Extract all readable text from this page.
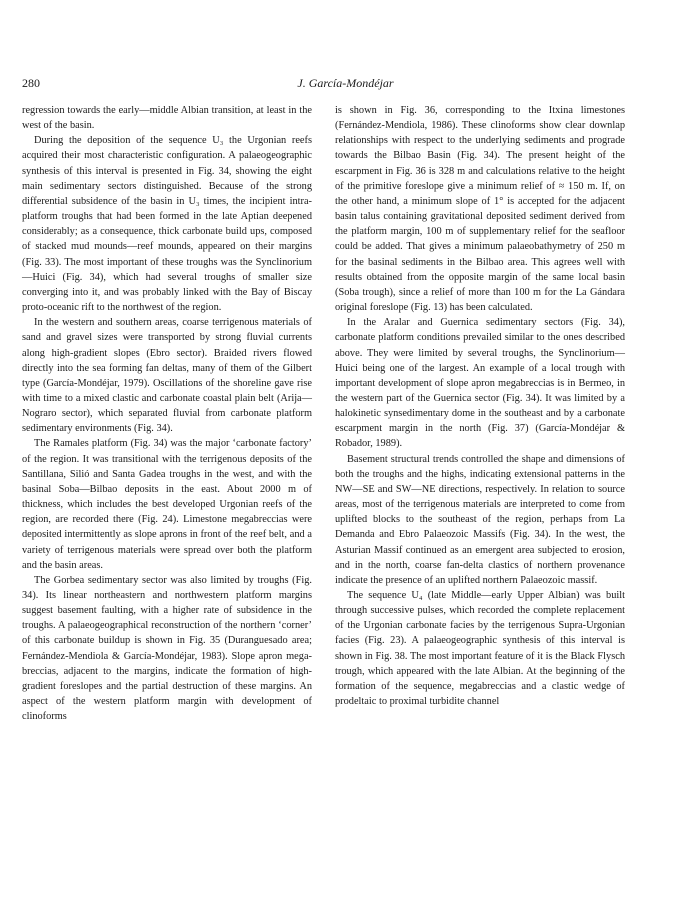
280	J. García-Mondéjar

regression towards the early—middle Albian transition, at least in the west of the basin.

During the deposition of the sequence U₃ the Urgonian reefs acquired their most characteristic configuration. A palaeogeographic synthesis of this interval is presented in Fig. 34, showing the eight main sedimentary sectors distinguished. Because of the strong differential subsidence of the basin in U₃ times, the incipient intra-platform troughs that had been formed in the late Aptian deepened considerably; as a consequence, thick carbonate build ups, composed of stacked mud mounds—reef mounds, appeared on their margins (Fig. 33). The most important of these troughs was the Synclinorium—Huici (Fig. 34), which had several troughs of smaller size converging into it, and was probably linked with the Bay of Biscay proto-oceanic rift to the northwest of the region.

In the western and southern areas, coarse terrigenous materials of sand and gravel sizes were transported by strong fluvial currents along high-gradient slopes (Ebro sector). Braided rivers flowed directly into the sea forming fan deltas, many of them of the Gilbert type (García-Mondéjar, 1979). Oscillations of the shoreline gave rise with time to a mixed clastic and carbonate coastal plain belt (Arija—Nograro sector), which separated fluvial from carbonate platform sedimentary environments (Fig. 34).

The Ramales platform (Fig. 34) was the major ‘carbonate factory’ of the region. It was transitional with the terrigenous deposits of the Santillana, Silió and Santa Gadea troughs in the west, and with the basinal Soba—Bilbao deposits in the east. About 2000 m of thickness, which includes the best developed Urgonian reefs of the region, are recorded there (Fig. 24). Limestone megabreccias were deposited intermittently as slope aprons in front of the reef belt, and a variety of terrigenous materials were spread over both the platform and the basin areas.

The Gorbea sedimentary sector was also limited by troughs (Fig. 34). Its linear northeastern and northwestern platform margins suggest basement faulting, with a higher rate of subsidence in the troughs. A palaeogeographical reconstruction of the northern ‘corner’ of this carbonate buildup is shown in Fig. 35 (Duranguesado area; Fernández-Mendiola & García-Mondéjar, 1983). Slope apron megabreccias, adjacent to the margins, indicate the formation of high-gradient foreslopes and the partial destruction of these margins. An aspect of the western platform margin with development of clinoforms

is shown in Fig. 36, corresponding to the Itxina limestones (Fernández-Mendiola, 1986). These clinoforms show clear downlap relationships with respect to the underlying sediments and prograde towards the Bilbao Basin (Fig. 34). The present height of the escarpment in Fig. 36 is 328 m and calculations relative to the height of the primitive foreslope give a minimum relief of ≈ 150 m. If, on the other hand, a minimum slope of 1° is accepted for the adjacent basin talus containing gravitational deposited sediment derived from the platform margin, 100 m of supplementary relief for the seafloor could be added. That gives a minimum palaeobathymetry of 250 m for the basinal sediments in the Bilbao area. This agrees well with results obtained from the opposite margin of the same local basin (Soba trough), since a relief of more than 100 m for the La Gándara original foreslope (Fig. 13) has been calculated.

In the Aralar and Guernica sedimentary sectors (Fig. 34), carbonate platform conditions prevailed similar to the ones described above. They were limited by several troughs, the Synclinorium—Huici being one of the largest. An example of a local trough with important development of slope apron megabreccias is in Bermeo, in the western part of the Guernica sector (Fig. 34). It was limited by a halokinetic synsedimentary dome in the southeast and by a carbonate escarpment margin in the north (Fig. 37) (García-Mondéjar & Robador, 1989).

Basement structural trends controlled the shape and dimensions of both the troughs and the highs, indicating extensional patterns in the NW—SE and SW—NE directions, respectively. In relation to source areas, most of the terrigenous materials are interpreted to come from uplifted blocks to the southeast of the region, perhaps from La Demanda and Ebro Palaeozoic Massifs (Fig. 34). In the west, the Asturian Massif continued as an emergent area subjected to erosion, and in the north, coarse fan-delta clastics of northern provenance indicate the presence of an uplifted northern Palaeozoic massif.

The sequence U₄ (late Middle—early Upper Albian) was built through successive pulses, which recorded the complete replacement of the Urgonian carbonate facies by the terrigenous Supra-Urgonian facies (Fig. 23). A palaeogeographic synthesis of this interval is shown in Fig. 38. The most important feature of it is the Black Flysch trough, which appeared with the late Albian. At the beginning of the formation of the sequence, megabreccias and a clastic wedge of prodeltaic to proximal turbidite channel
